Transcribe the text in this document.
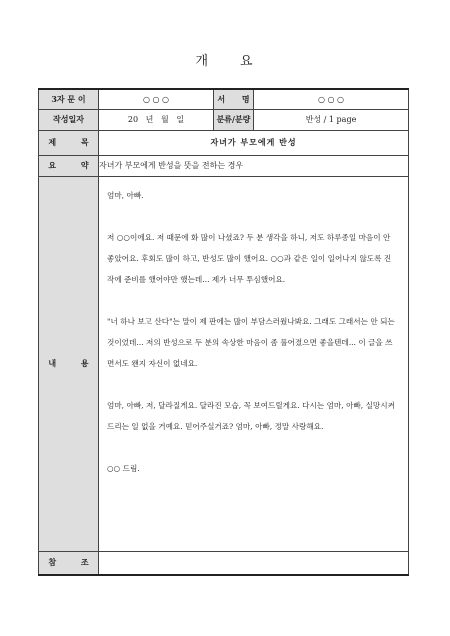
개 요
3자 문 이	○ ○ ○	서 명	○ ○ ○
작성일자	20   년   월   일	분류/분량	반성 / 1 page
제 목	자녀가 부모에게 반성		
요 약	자녀가 부모에게 반성을 뜻을 전하는 경우		
내 용	엄마, 아빠.

저 ○○이에요. 저 때문에 화 많이 나셨죠? 두 분 생각을 하니, 저도 하루종일 마음이 안 좋았어요. 후회도 많이 하고, 반성도 많이 했어요. ○○과 같은 일이 일어나지 않도록 진작에 준비를 했어야만 했는데... 제가 너무 투심했어요.

"너 하나 보고 산다"는 말이 제 판에는 많이 부담스러웠나봐요. 그래도 그래서는 안 되는 것이었데... 저의 반성으로 두 분의 속상한 마음이 좀 풀어졌으면 좋을텐데... 이 글을 쓰면서도 왠지 자신이 없네요.

엄마, 아빠, 저, 달라질게요. 달라진 모습, 꼭 보여드릴게요. 다시는 엄마, 아빠, 실망시켜 드리는 일 없을 거예요. 믿어주실거죠? 엄마, 아빠, 정말 사랑해요.

○○ 드림.		

참 조			
